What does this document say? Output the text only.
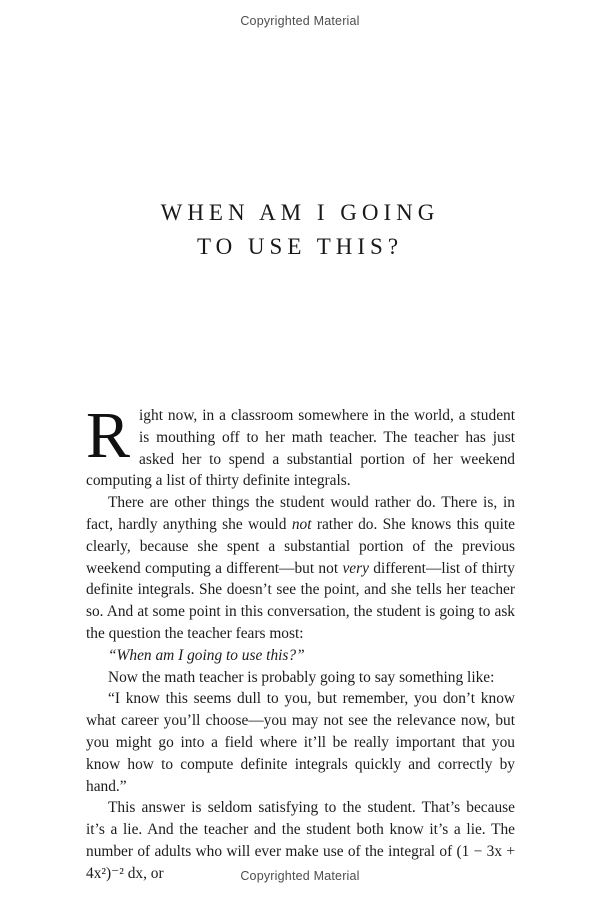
Copyrighted Material
WHEN AM I GOING
TO USE THIS?

Right now, in a classroom somewhere in the world, a student is mouthing off to her math teacher. The teacher has just asked her to spend a substantial portion of her weekend computing a list of thirty definite integrals.

There are other things the student would rather do. There is, in fact, hardly anything she would not rather do. She knows this quite clearly, because she spent a substantial portion of the previous weekend computing a different—but not very different—list of thirty definite integrals. She doesn’t see the point, and she tells her teacher so. And at some point in this conversation, the student is going to ask the question the teacher fears most:

“When am I going to use this?”

Now the math teacher is probably going to say something like:

“I know this seems dull to you, but remember, you don’t know what career you’ll choose—you may not see the relevance now, but you might go into a field where it’ll be really important that you know how to compute definite integrals quickly and correctly by hand.”

This answer is seldom satisfying to the student. That’s because it’s a lie. And the teacher and the student both know it’s a lie. The number of adults who will ever make use of the integral of (1 − 3x + 4x²)⁻² dx, or	Copyrighted Material
